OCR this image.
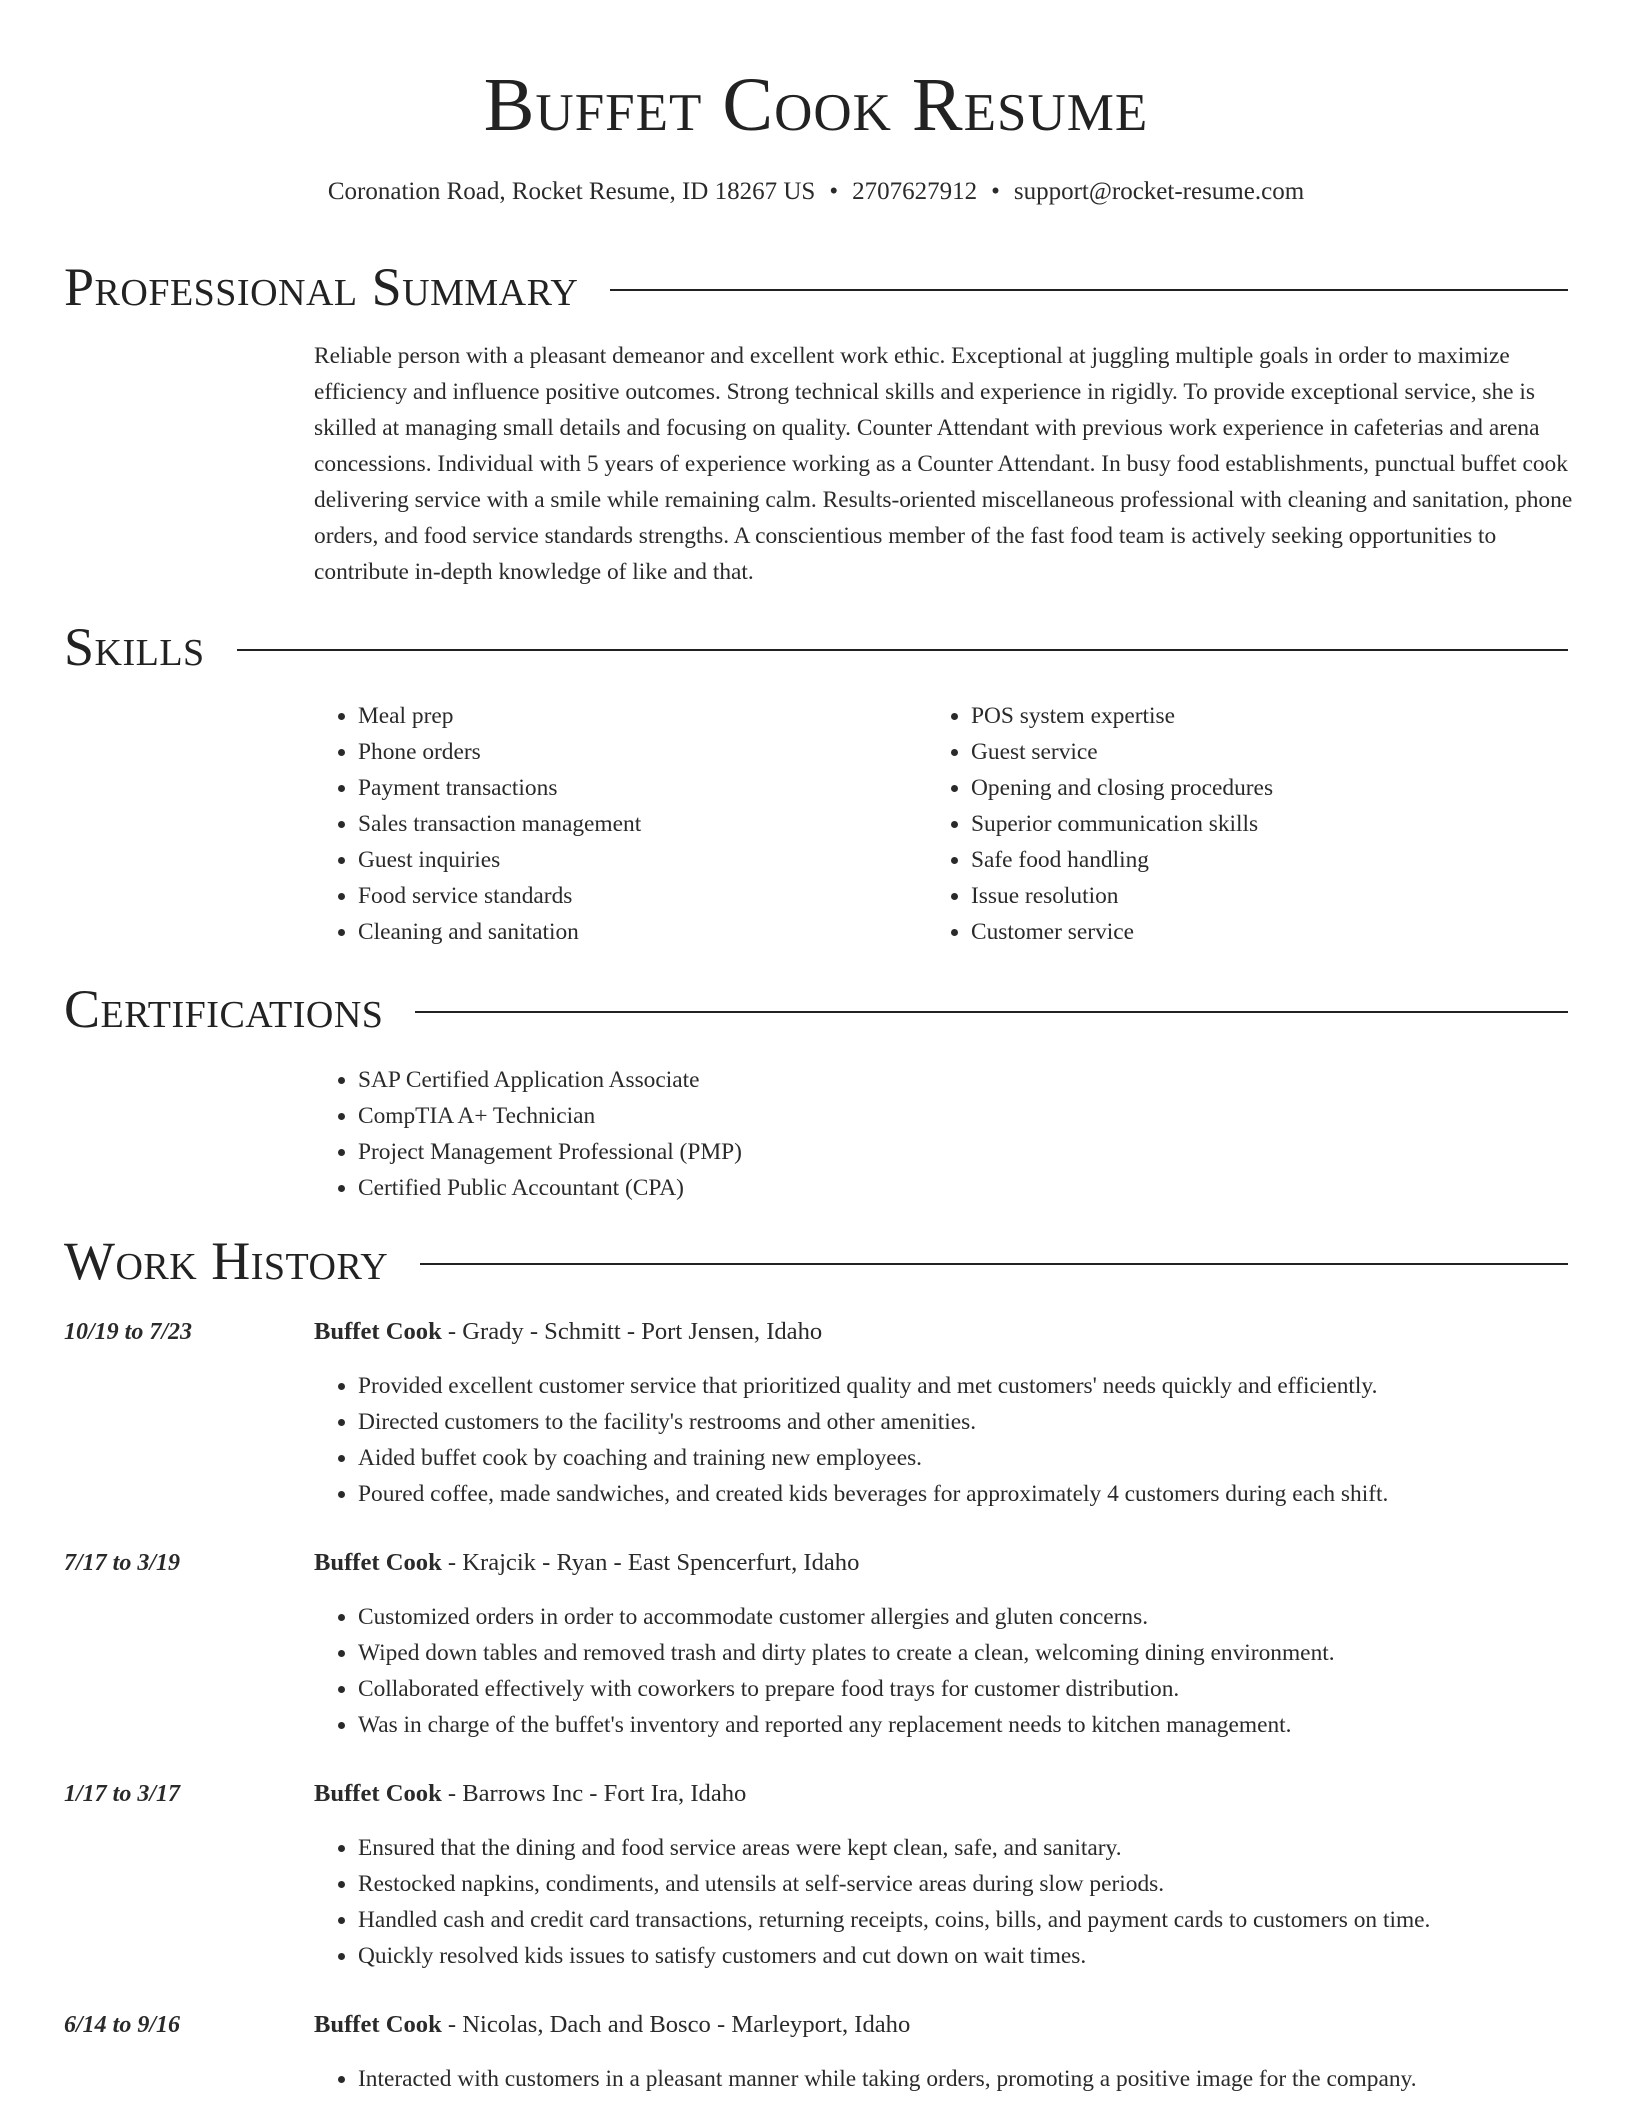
Buffet Cook Resume
Coronation Road, Rocket Resume, ID 18267 US • 2707627912 • support@rocket-resume.com
Professional Summary
Reliable person with a pleasant demeanor and excellent work ethic. Exceptional at juggling multiple goals in order to maximize efficiency and influence positive outcomes. Strong technical skills and experience in rigidly. To provide exceptional service, she is skilled at managing small details and focusing on quality. Counter Attendant with previous work experience in cafeterias and arena concessions. Individual with 5 years of experience working as a Counter Attendant. In busy food establishments, punctual buffet cook delivering service with a smile while remaining calm. Results-oriented miscellaneous professional with cleaning and sanitation, phone orders, and food service standards strengths. A conscientious member of the fast food team is actively seeking opportunities to contribute in-depth knowledge of like and that.
Skills
• Meal prep
• Phone orders
• Payment transactions
• Sales transaction management
• Guest inquiries
• Food service standards
• Cleaning and sanitation
• POS system expertise
• Guest service
• Opening and closing procedures
• Superior communication skills
• Safe food handling
• Issue resolution
• Customer service
Certifications
• SAP Certified Application Associate
• CompTIA A+ Technician
• Project Management Professional (PMP)
• Certified Public Accountant (CPA)
Work History
10/19 to 7/23	Buffet Cook - Grady - Schmitt - Port Jensen, Idaho
• Provided excellent customer service that prioritized quality and met customers' needs quickly and efficiently.
• Directed customers to the facility's restrooms and other amenities.
• Aided buffet cook by coaching and training new employees.
• Poured coffee, made sandwiches, and created kids beverages for approximately 4 customers during each shift.
7/17 to 3/19	Buffet Cook - Krajcik - Ryan - East Spencerfurt, Idaho
• Customized orders in order to accommodate customer allergies and gluten concerns.
• Wiped down tables and removed trash and dirty plates to create a clean, welcoming dining environment.
• Collaborated effectively with coworkers to prepare food trays for customer distribution.
• Was in charge of the buffet's inventory and reported any replacement needs to kitchen management.
1/17 to 3/17	Buffet Cook - Barrows Inc - Fort Ira, Idaho
• Ensured that the dining and food service areas were kept clean, safe, and sanitary.
• Restocked napkins, condiments, and utensils at self-service areas during slow periods.
• Handled cash and credit card transactions, returning receipts, coins, bills, and payment cards to customers on time.
• Quickly resolved kids issues to satisfy customers and cut down on wait times.
6/14 to 9/16	Buffet Cook - Nicolas, Dach and Bosco - Marleyport, Idaho
• Interacted with customers in a pleasant manner while taking orders, promoting a positive image for the company.
